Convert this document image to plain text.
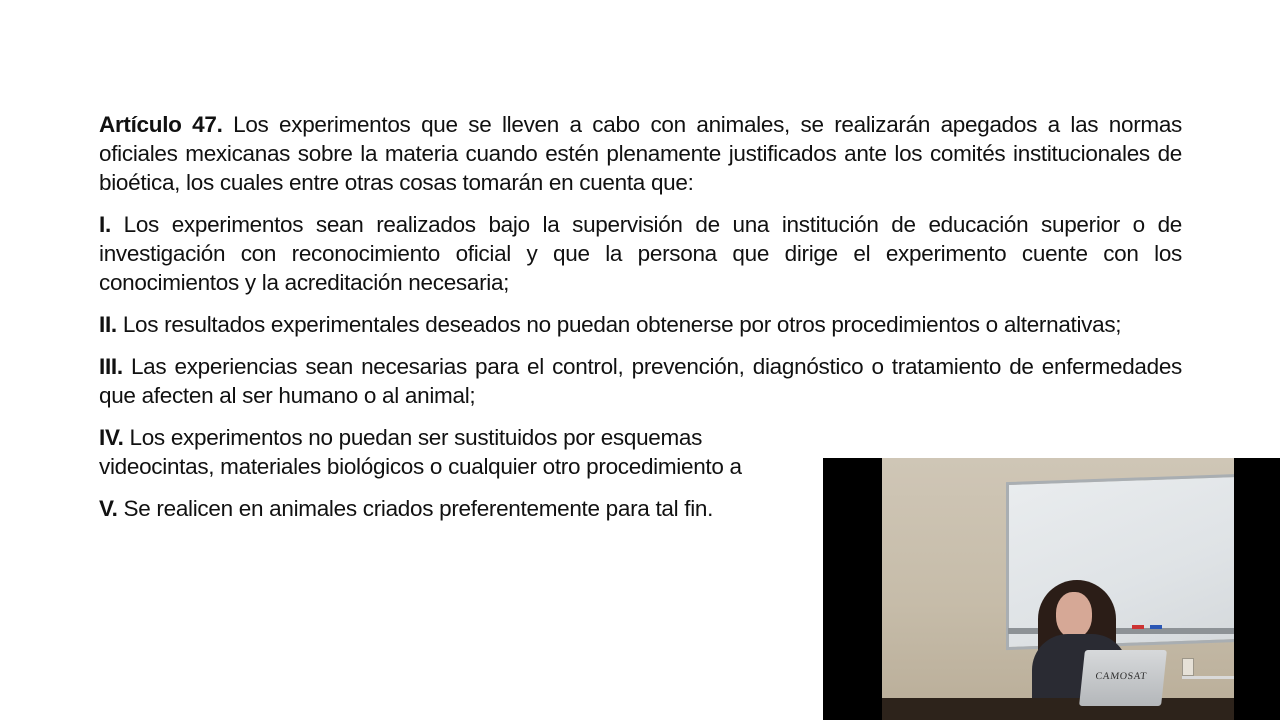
Artículo 47. Los experimentos que se lleven a cabo con animales, se realizarán apegados a las normas oficiales mexicanas sobre la materia cuando estén plenamente justificados ante los comités institucionales de bioética, los cuales entre otras cosas tomarán en cuenta que:

I. Los experimentos sean realizados bajo la supervisión de una institución de educación superior o de investigación con reconocimiento oficial y que la persona que dirige el experimento cuente con los conocimientos y la acreditación necesaria;

II. Los resultados experimentales deseados no puedan obtenerse por otros procedimientos o alternativas;

III. Las experiencias sean necesarias para el control, prevención, diagnóstico o tratamiento de enfermedades que afecten al ser humano o al animal;

IV. Los experimentos no puedan ser sustituidos por esquemas

videocintas, materiales biológicos o cualquier otro procedimiento a

V. Se realicen en animales criados preferentemente para tal fin.

CAMOSAT
